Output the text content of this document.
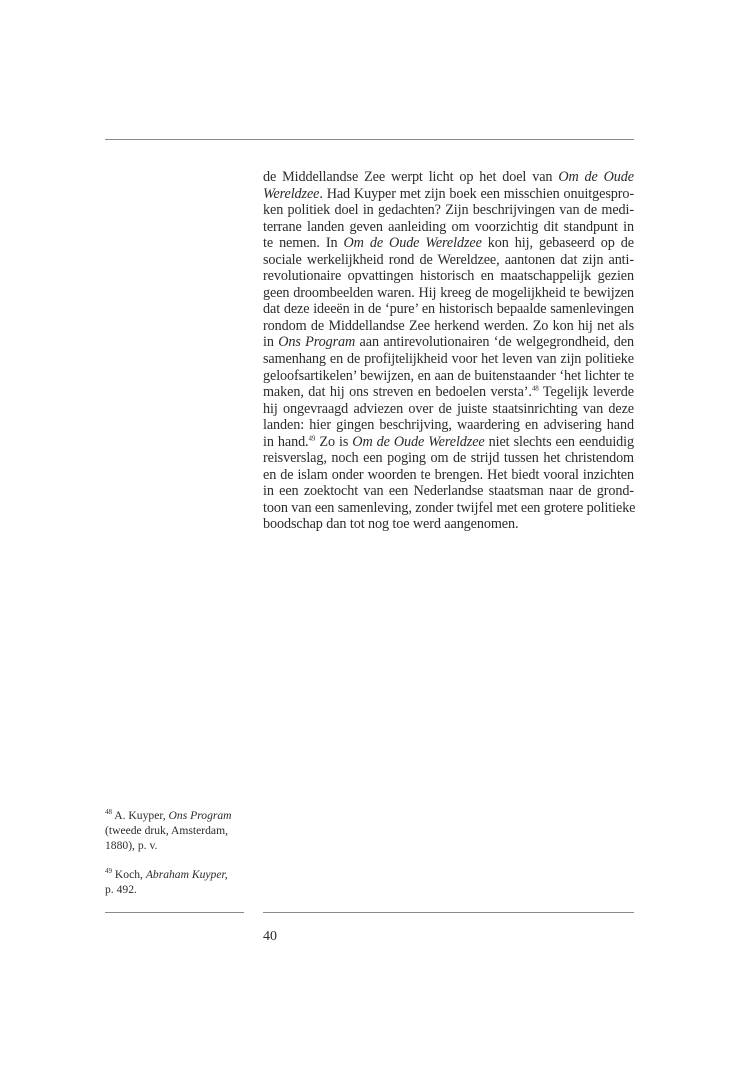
de Middellandse Zee werpt licht op het doel van Om de Oude
Wereldzee. Had Kuyper met zijn boek een misschien onuitgespro-
ken politiek doel in gedachten? Zijn beschrijvingen van de medi-
terrane landen geven aanleiding om voorzichtig dit standpunt in
te nemen. In Om de Oude Wereldzee kon hij, gebaseerd op de
sociale werkelijkheid rond de Wereldzee, aantonen dat zijn anti-
revolutionaire opvattingen historisch en maatschappelijk gezien
geen droombeelden waren. Hij kreeg de mogelijkheid te bewijzen
dat deze ideeën in de ‘pure’ en historisch bepaalde samenlevingen
rondom de Middellandse Zee herkend werden. Zo kon hij net als
in Ons Program aan antirevolutionairen ‘de welgegrondheid, den
samenhang en de profijtelijkheid voor het leven van zijn politieke
geloofsartikelen’ bewijzen, en aan de buitenstaander ‘het lichter te
maken, dat hij ons streven en bedoelen versta’.$^{48}$ Tegelijk leverde
hij ongevraagd adviezen over de juiste staatsinrichting van deze
landen: hier gingen beschrijving, waardering en advisering hand
in hand.$^{49}$ Zo is Om de Oude Wereldzee niet slechts een eenduidig
reisverslag, noch een poging om de strijd tussen het christendom
en de islam onder woorden te brengen. Het biedt vooral inzichten
in een zoektocht van een Nederlandse staatsman naar de grond-
toon van een samenleving, zonder twijfel met een grotere politieke
boodschap dan tot nog toe werd aangenomen.
$^{48}$ A. Kuyper, Ons Program
(tweede druk, Amsterdam,
1880), p. v.
$^{49}$ Koch, Abraham Kuyper,
p. 492.
40
